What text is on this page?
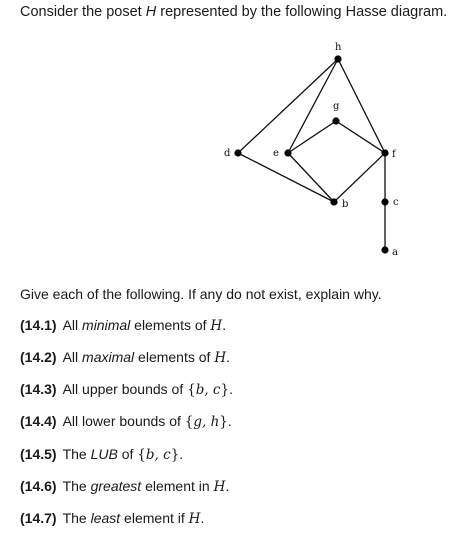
Consider the poset H represented by the following Hasse diagram.
h
g
d	e	f
b	c
a
Give each of the following. If any do not exist, explain why.
(14.1) All minimal elements of H.
(14.2) All maximal elements of H.
(14.3) All upper bounds of {b, c}.
(14.4) All lower bounds of {g, h}.
(14.5) The LUB of {b, c}.
(14.6) The greatest element in H.
(14.7) The least element if H.
